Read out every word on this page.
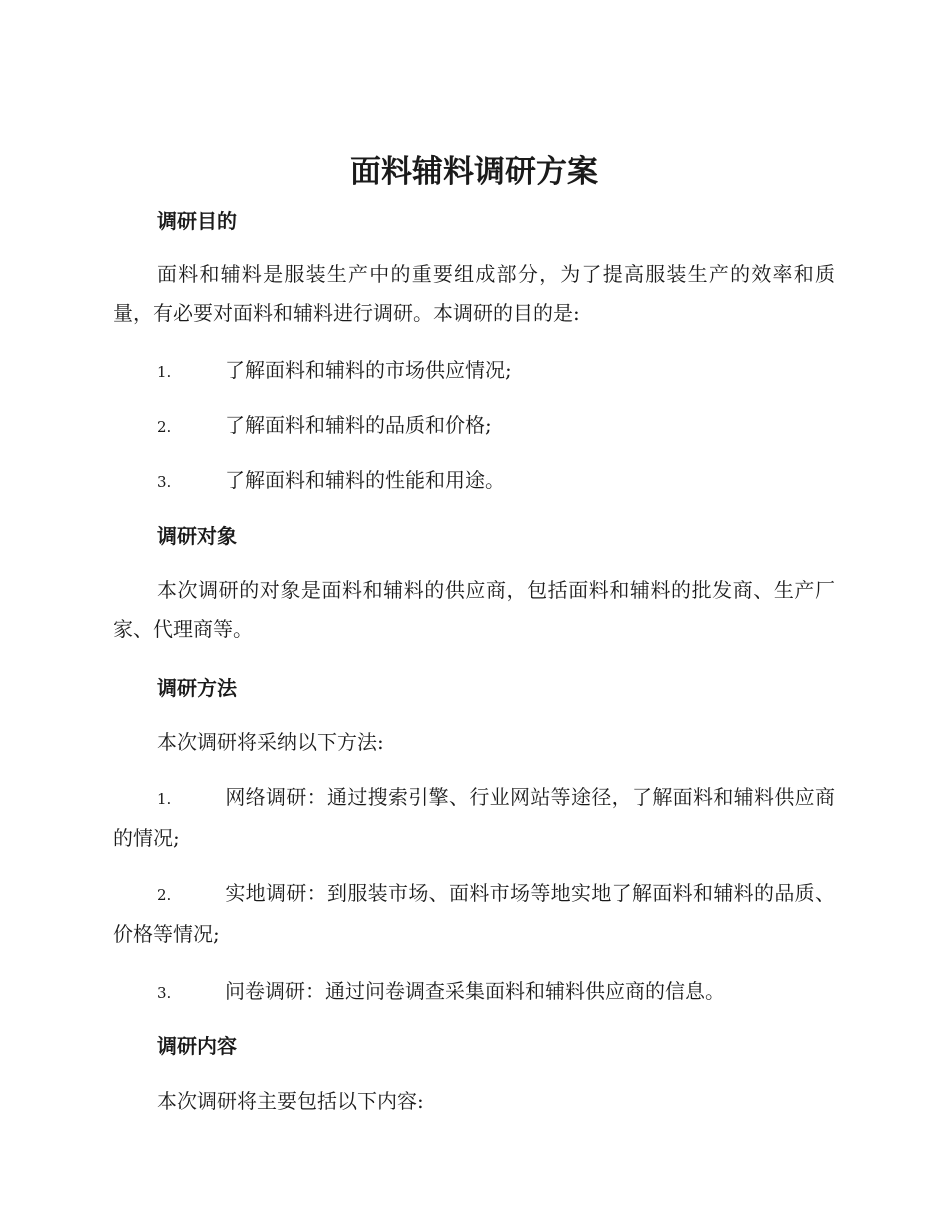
面料辅料调研方案
调研目的

面料和辅料是服装生产中的重要组成部分，为了提高服装生产的效率和质量，有必要对面料和辅料进行调研。本调研的目的是:

1.	了解面料和辅料的市场供应情况;

2.	了解面料和辅料的品质和价格;

3.	了解面料和辅料的性能和用途。

调研对象

本次调研的对象是面料和辅料的供应商，包括面料和辅料的批发商、生产厂家、代理商等。

调研方法

本次调研将采纳以下方法:

1.	网络调研：通过搜索引擎、行业网站等途径，了解面料和辅料供应商的情况;

2.	实地调研：到服装市场、面料市场等地实地了解面料和辅料的品质、价格等情况;

3.	问卷调研：通过问卷调查采集面料和辅料供应商的信息。

调研内容

本次调研将主要包括以下内容:
